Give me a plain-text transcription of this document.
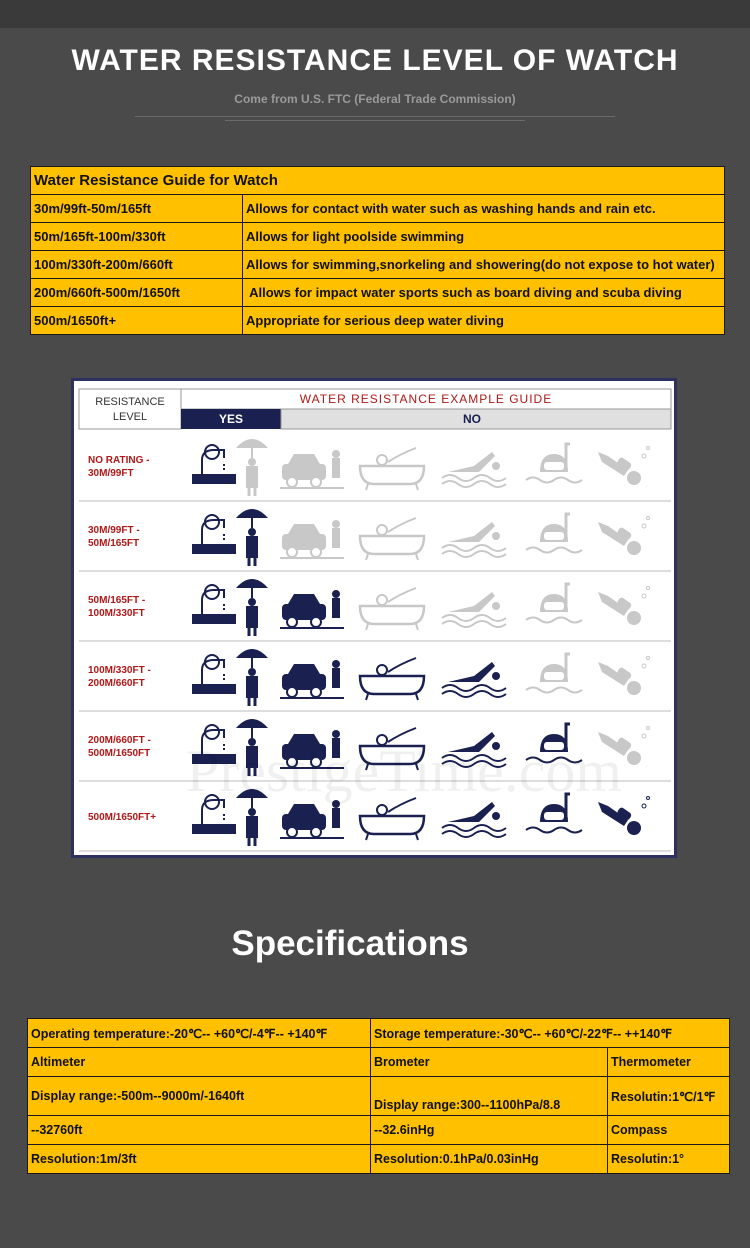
WATER RESISTANCE LEVEL OF WATCH
Come from U.S. FTC (Federal Trade Commission)
Water Resistance Guide for Watch	
30m/99ft-50m/165ft	Allows for contact with water such as washing hands and rain etc.
50m/165ft-100m/330ft	Allows for light poolside swimming
100m/330ft-200m/660ft	Allows for swimming,snorkeling and showering(do not expose to hot water)
200m/660ft-500m/1650ft	Allows for impact water sports such as board diving and scuba diving
500m/1650ft+	Appropriate for serious deep water diving
RESISTANCE
LEVEL
WATER RESISTANCE EXAMPLE GUIDE
YES	NO
NO RATING -
30M/99FT
30M/99FT -
50M/165FT
50M/165FT -
100M/330FT
100M/330FT -
200M/660FT
200M/660FT -
500M/1650FT
500M/1650FT+
PrestigeTime.com
Specifications
Operating temperature:-20℃-- +60℃/-4℉-- +140℉	Storage temperature:-30℃-- +60℃/-22℉-- ++140℉	
Altimeter	Brometer	Thermometer
Display range:-500m--9000m/-1640ft	Display range:300--1100hPa/8.8	Resolutin:1℃/1℉
--32760ft	--32.6inHg	Compass
Resolution:1m/3ft	Resolution:0.1hPa/0.03inHg	Resolutin:1°
